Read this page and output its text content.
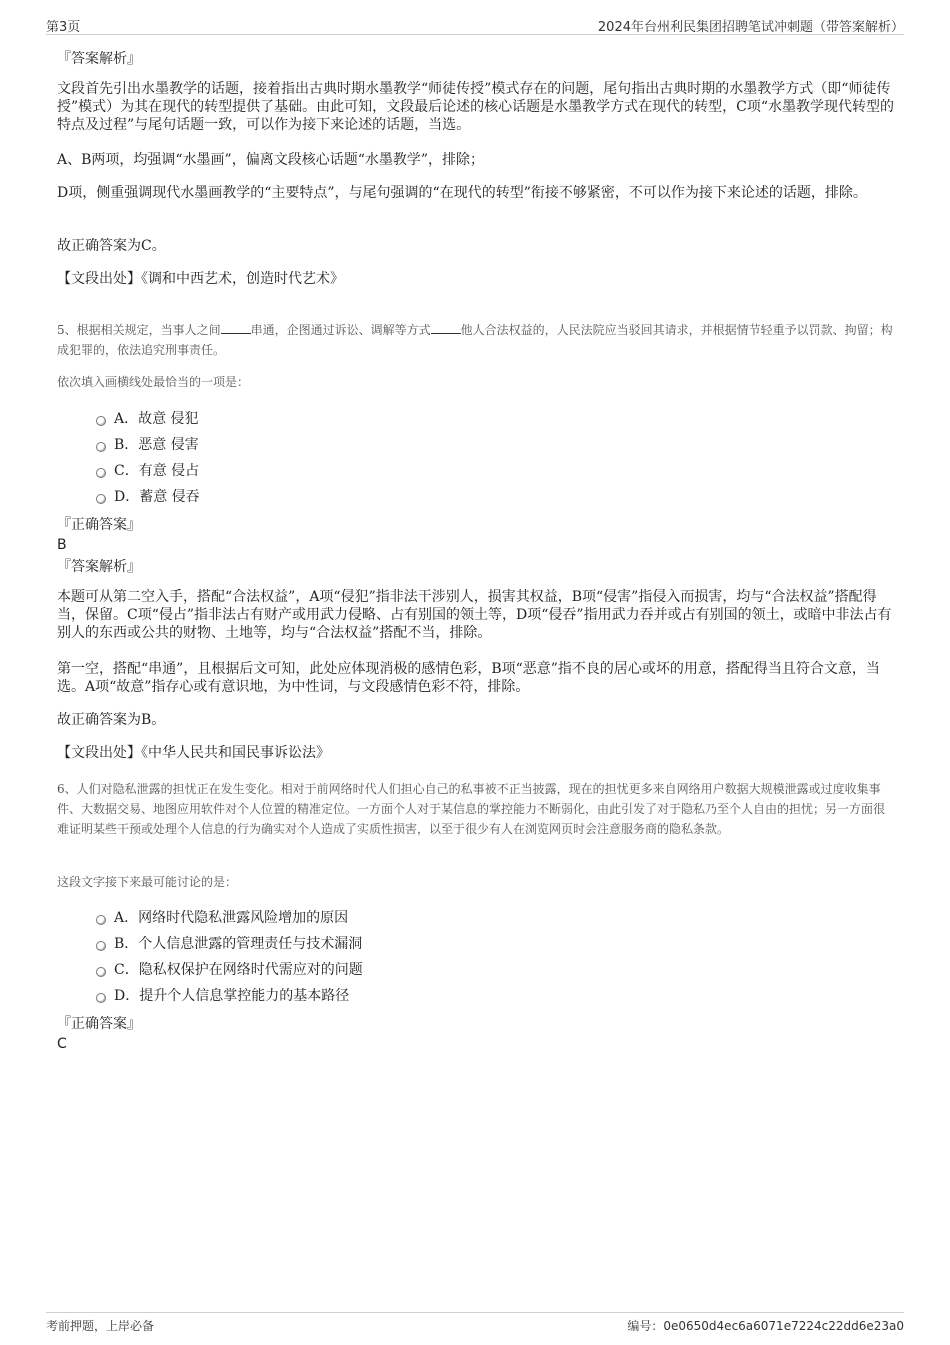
第3页	2024年台州利民集团招聘笔试冲刺题（带答案解析）
『答案解析』

文段首先引出水墨教学的话题，接着指出古典时期水墨教学“师徒传授”模式存在的问题，尾句指出古典时期的水墨教学方式（即“师徒传授”模式）为其在现代的转型提供了基础。由此可知，文段最后论述的核心话题是水墨教学方式在现代的转型，C项“水墨教学现代转型的特点及过程”与尾句话题一致，可以作为接下来论述的话题，当选。

A、B两项，均强调“水墨画”，偏离文段核心话题“水墨教学”，排除；

D项，侧重强调现代水墨画教学的“主要特点”，与尾句强调的“在现代的转型”衔接不够紧密，不可以作为接下来论述的话题，排除。

故正确答案为C。

【文段出处】《调和中西艺术，创造时代艺术》

5、根据相关规定，当事人之间	串通，企图通过诉讼、调解等方式	他人合法权益的，人民法院应当驳回其请求，并根据情节轻重予以罚款、拘留；构成犯罪的，依法追究刑事责任。

依次填入画横线处最恰当的一项是：

A．故意 侵犯
B．恶意 侵害
C．有意 侵占
D．蓄意 侵吞
『正确答案』
B
『答案解析』

本题可从第二空入手，搭配“合法权益”，A项“侵犯”指非法干涉别人，损害其权益，B项“侵害”指侵入而损害，均与“合法权益”搭配得当，保留。C项“侵占”指非法占有财产或用武力侵略、占有别国的领土等，D项“侵吞”指用武力吞并或占有别国的领土，或暗中非法占有别人的东西或公共的财物、土地等，均与“合法权益”搭配不当，排除。

第一空，搭配“串通”，且根据后文可知，此处应体现消极的感情色彩，B项“恶意”指不良的居心或坏的用意，搭配得当且符合文意，当选。A项“故意”指存心或有意识地，为中性词，与文段感情色彩不符，排除。

故正确答案为B。

【文段出处】《中华人民共和国民事诉讼法》

6、人们对隐私泄露的担忧正在发生变化。相对于前网络时代人们担心自己的私事被不正当披露，现在的担忧更多来自网络用户数据大规模泄露或过度收集事件、大数据交易、地图应用软件对个人位置的精准定位。一方面个人对于某信息的掌控能力不断弱化，由此引发了对于隐私乃至个人自由的担忧；另一方面很难证明某些干预或处理个人信息的行为确实对个人造成了实质性损害，以至于很少有人在浏览网页时会注意服务商的隐私条款。

这段文字接下来最可能讨论的是：

A．网络时代隐私泄露风险增加的原因
B．个人信息泄露的管理责任与技术漏洞
C．隐私权保护在网络时代需应对的问题
D．提升个人信息掌控能力的基本路径
『正确答案』
C
考前押题，上岸必备	编号：0e0650d4ec6a6071e7224c22dd6e23a0
